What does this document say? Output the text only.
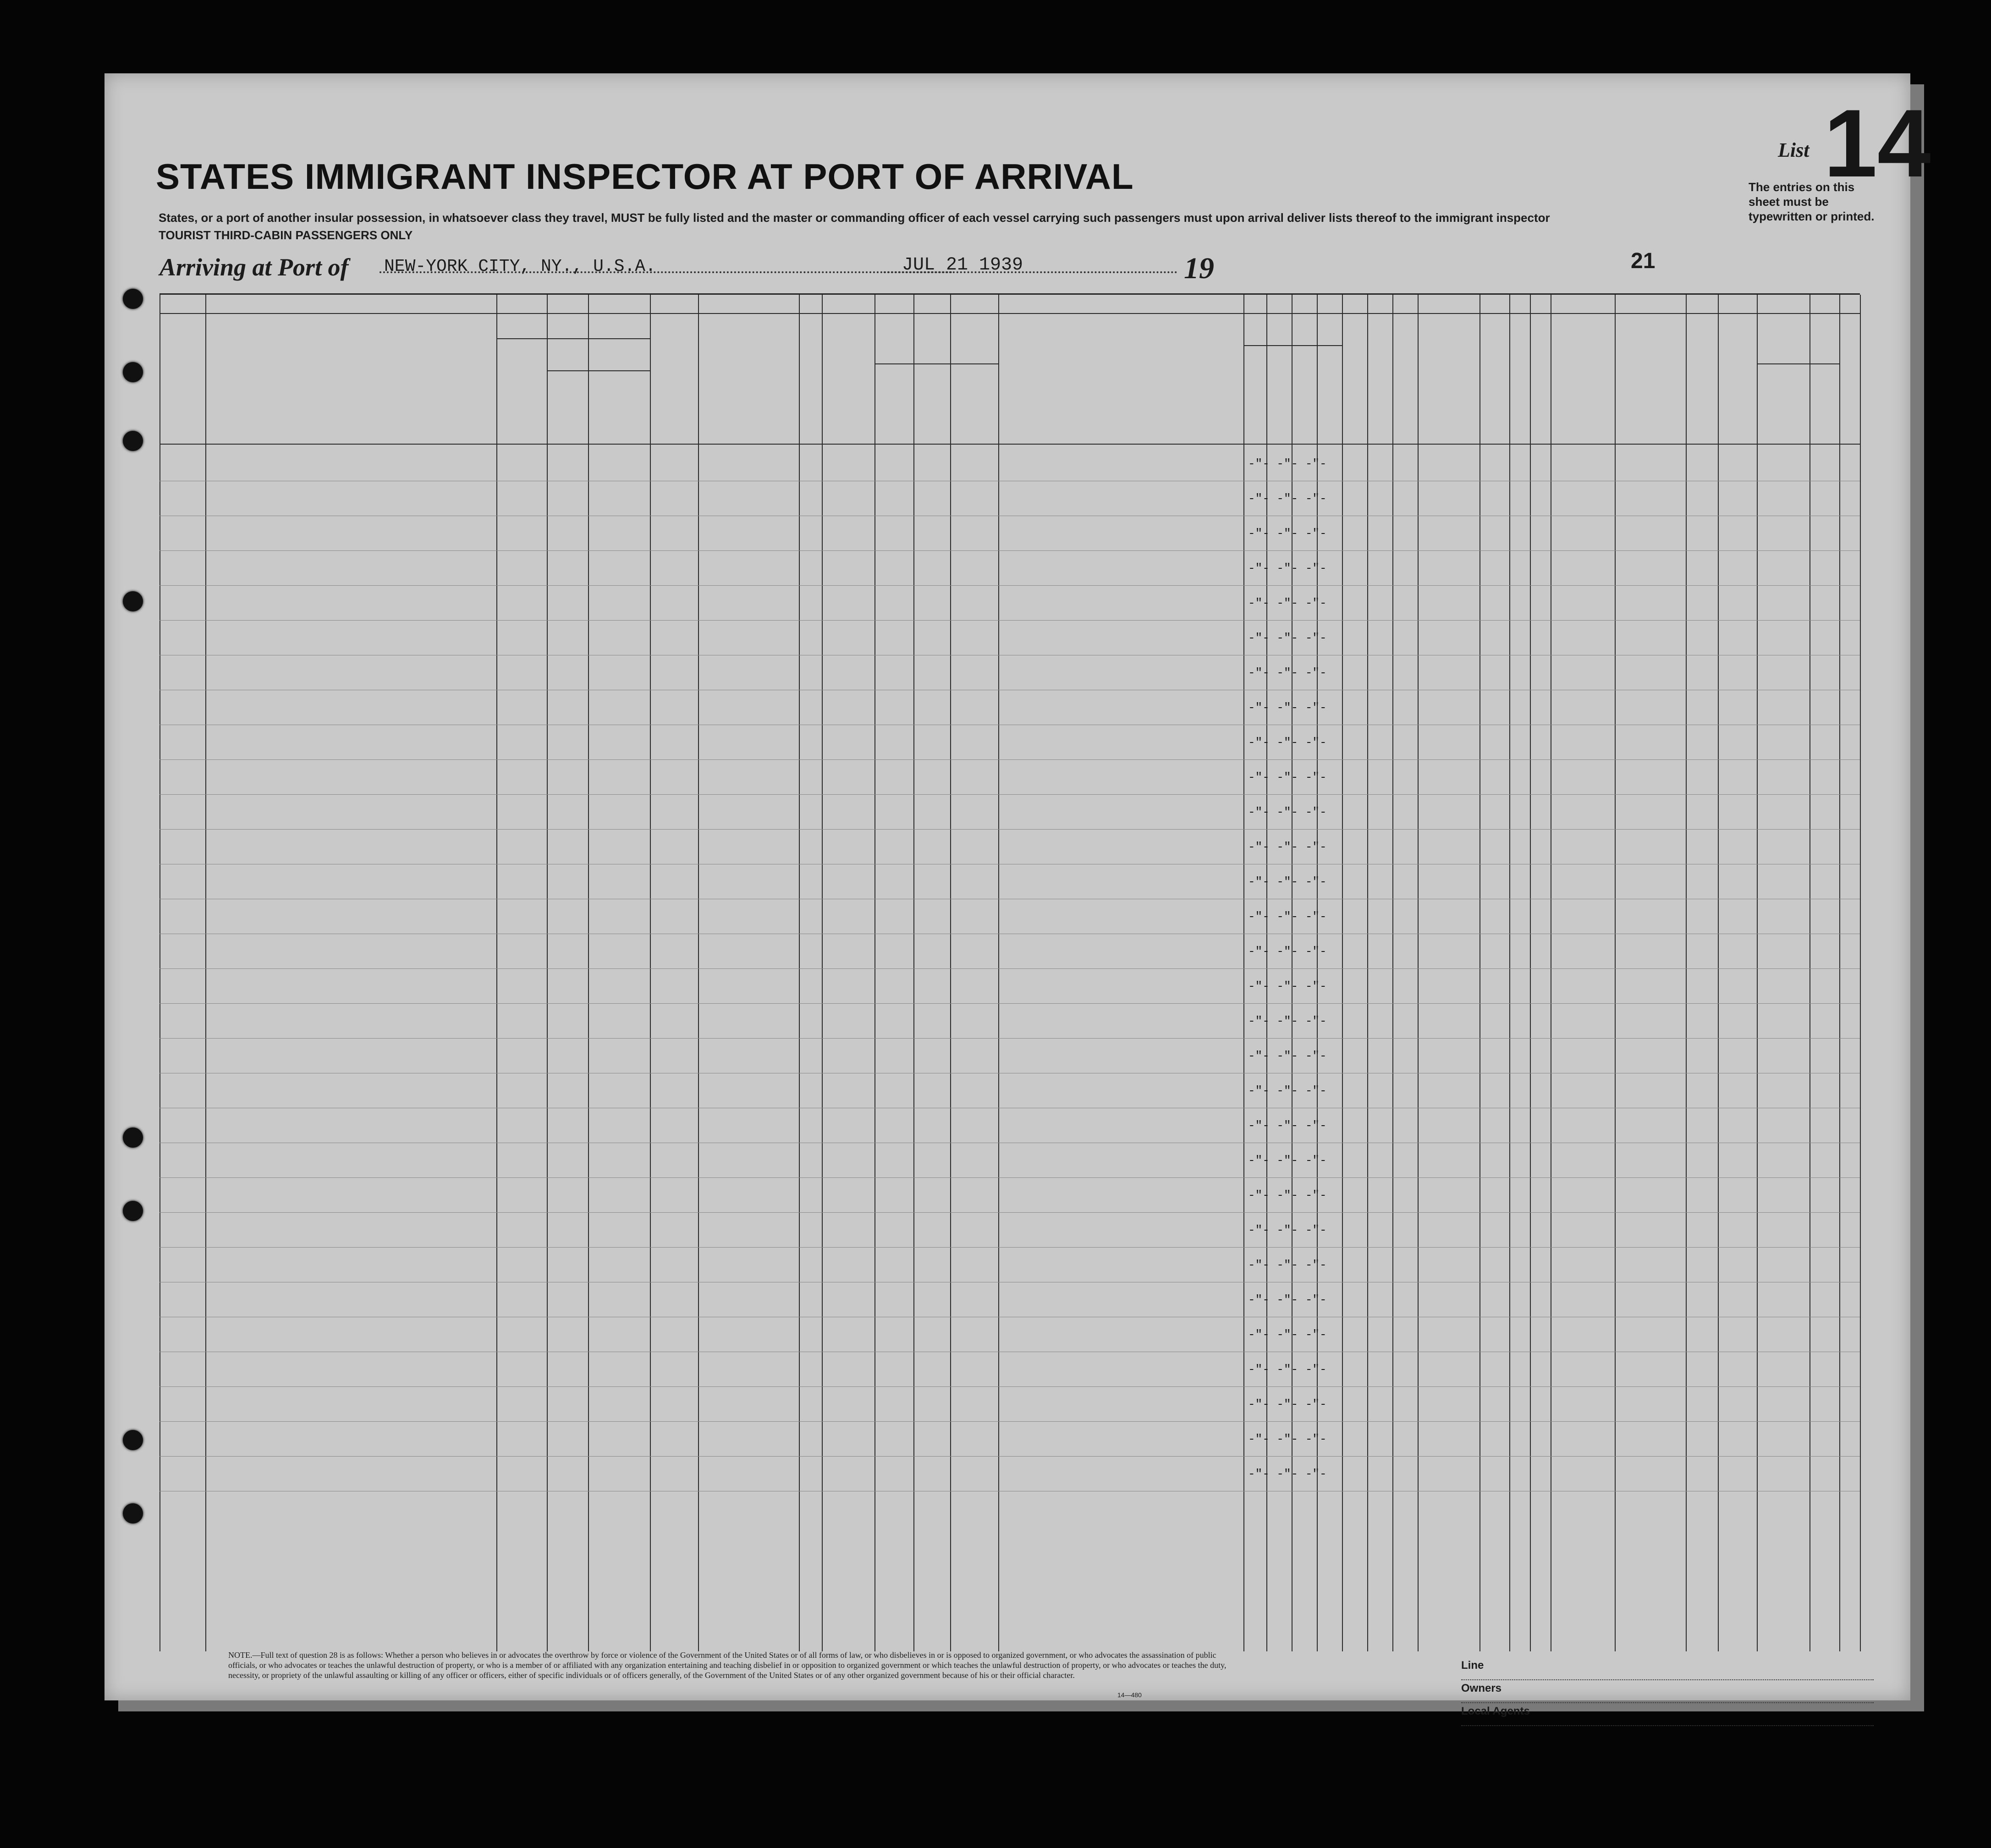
STATES IMMIGRANT INSPECTOR AT PORT OF ARRIVAL
States, or a port of another insular possession, in whatsoever class they travel, MUST be fully listed and the master or commanding officer of each vessel carrying such passengers must upon arrival deliver lists thereof to the immigrant inspector
TOURIST THIRD-CABIN PASSENGERS ONLY
List 14
The entries on this sheet must be typewritten or printed.
Arriving at Port of NEW-YORK CITY, NY., U.S.A.	JUL 21 1939	19	21
-"- -"- -"-
-"- -"- -"-
-"- -"- -"-
-"- -"- -"-
-"- -"- -"-
-"- -"- -"-
-"- -"- -"-
-"- -"- -"-
-"- -"- -"-
-"- -"- -"-
-"- -"- -"-
-"- -"- -"-
-"- -"- -"-
-"- -"- -"-
-"- -"- -"-
-"- -"- -"-
-"- -"- -"-
-"- -"- -"-
-"- -"- -"-
-"- -"- -"-
-"- -"- -"-
-"- -"- -"-
-"- -"- -"-
-"- -"- -"-
-"- -"- -"-
-"- -"- -"-
-"- -"- -"-
-"- -"- -"-
-"- -"- -"-
-"- -"- -"-
NOTE.—Full text of question 28 is as follows: Whether a person who believes in or advocates the overthrow by force or violence of the Government of the United States or of all forms of law, or who disbelieves in or is opposed to organized government, or who advocates the assassination of public officials, or who advocates or teaches the unlawful destruction of property, or who is a member of or affiliated with any organization entertaining and teaching disbelief in or opposition to organized government or which teaches the unlawful destruction of property, or who advocates or teaches the duty, necessity, or propriety of the unlawful assaulting or killing of any officer or officers, either of specific individuals or of officers generally, of the Government of the United States or of any other organized government because of his or their official character.
14—480
Line
Owners
Local Agents
